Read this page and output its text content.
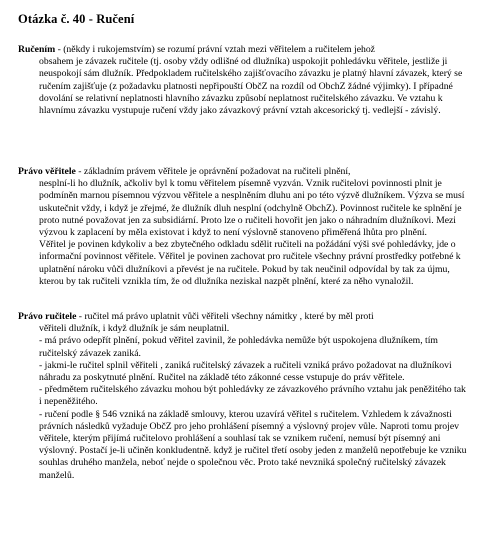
Otázka č. 40 - Ručení

Ručením - (někdy i rukojemstvím) se rozumí právní vztah mezi věřitelem a ručitelem jehož

obsahem je závazek ručitele (tj. osoby vždy odlišné od dlužníka) uspokojit pohledávku věřitele, jestliže ji neuspokojí sám dlužník. Předpokladem ručitelského zajišťovacího závazku je platný hlavní závazek, který se ručením zajišťuje (z požadavku platnosti nepřipouští ObčZ na rozdíl od ObchZ žádné výjimky). I případné dovolání se relativní neplatnosti hlavního závazku způsobí neplatnost ručitelského závazku. Ve vztahu k hlavnímu závazku vystupuje ručení vždy jako závazkový právní vztah akcesorický tj. vedlejší - závislý.

Právo věřitele - základním právem věřitele je oprávnění požadovat na ručiteli plnění,

nesplní-li ho dlužník, ačkoliv byl k tomu věřitelem písemně vyzván. Vznik ručitelovi povinnosti plnit je podmíněn marnou písemnou výzvou věřitele a nesplněním dluhu ani po této výzvě dlužníkem. Výzva se musí uskutečnit vždy, i když je zřejmé, že dlužník dluh nesplní (odchylně ObchZ). Povinnost ručitele ke splnění je proto nutné považovat jen za subsidiární. Proto lze o ručiteli hovořit jen jako o náhradním dlužníkovi. Mezi výzvou k zaplacení by měla existovat i když to není výslovně stanoveno přiměřená lhůta pro plnění.

Věřitel je povinen kdykoliv a bez zbytečného odkladu sdělit ručiteli na požádání výši své pohledávky, jde o informační povinnost věřitele. Věřitel je povinen zachovat pro ručitele všechny právní prostředky potřebné k uplatnění nároku vůči dlužníkovi a převést je na ručitele. Pokud by tak neučinil odpovídal by tak za újmu, kterou by tak ručiteli vznikla tím, že od dlužníka neziskal nazpět plnění, které za něho vynaložil.

Právo ručitele - ručitel má právo uplatnit vůči věřiteli všechny námitky , které by měl proti

věřiteli dlužník, i když dlužník je sám neuplatnil.

- má právo odepřít plnění, pokud věřitel zavinil, že pohledávka nemůže být uspokojena dlužníkem, tím ručitelský závazek zaniká.

- jakmi-le ručitel splnil věřiteli , zaniká ručitelský závazek a ručiteli vzniká právo požadovat na dlužníkovi náhradu za poskytnuté plnění. Ručitel na základě této zákonné cesse vstupuje do práv věřitele.

- předmětem ručitelského závazku mohou být pohledávky ze závazkového právního vztahu jak peněžitého tak i nepeněžitého.

- ručení podle § 546 vzniká na základě smlouvy, kterou uzavírá věřitel s ručitelem. Vzhledem k závažnosti právních následků vyžaduje ObčZ pro jeho prohlášení písemný a výslovný projev vůle. Naproti tomu projev věřitele, kterým přijímá ručitelovo prohlášení a souhlasí tak se vznikem ručení, nemusí být písemný ani výslovný. Postačí je-li učiněn konkludentně. když je ručitel třetí osoby jeden z manželů nepotřebuje ke vzniku souhlas druhého manžela, neboť nejde o společnou věc. Proto také nevzniká společný ručitelský závazek manželů.
